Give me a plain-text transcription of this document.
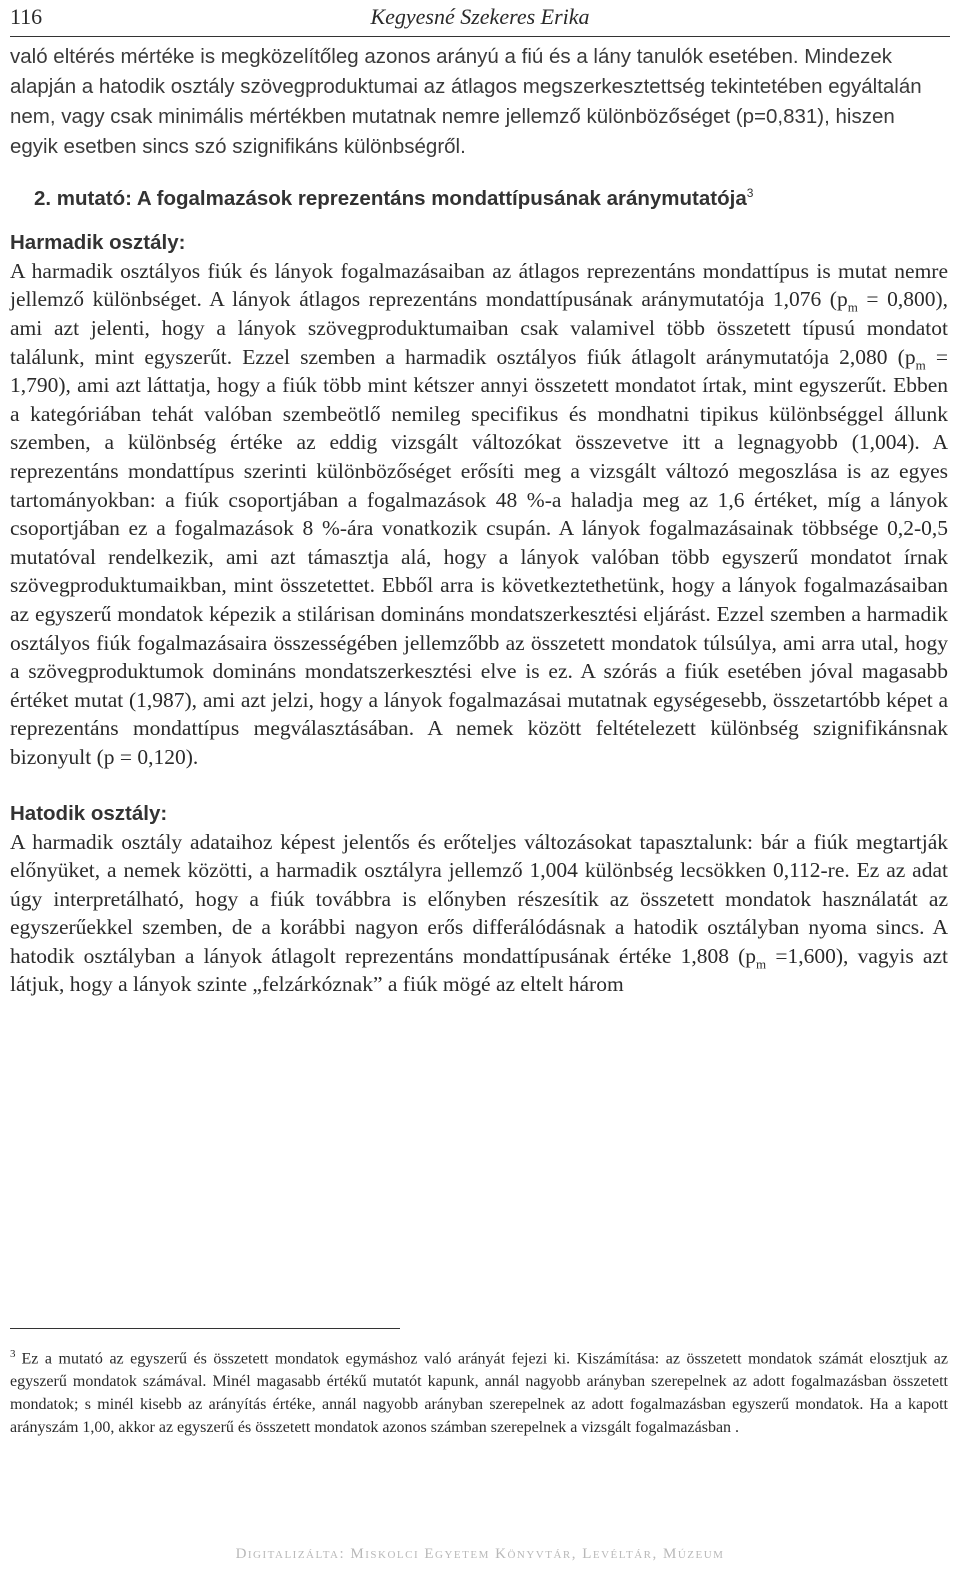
Kegyesné Szekeres Erika
116

való eltérés mértéke is megközelítőleg azonos arányú a fiú és a lány tanulók esetében. Mindezek alapján a hatodik osztály szövegproduktumai az átlagos megszerkesztettség tekintetében egyáltalán nem, vagy csak minimális mértékben mutatnak nemre jellemző különbözőséget (p=0,831), hiszen egyik esetben sincs szó szignifikáns különbségről.

2. mutató: A fogalmazások reprezentáns mondattípusának aránymutatója$^3$
Harmadik osztály:

A harmadik osztályos fiúk és lányok fogalmazásaiban az átlagos reprezentáns mondattípus is mutat nemre jellemző különbséget. A lányok átlagos reprezentáns mondattípusának aránymutatója 1,076 $(p_m = 0,800)$, ami azt jelenti, hogy a lányok szövegproduktumaiban csak valamivel több összetett típusú mondatot találunk, mint egyszerűt. Ezzel szemben a harmadik osztályos fiúk átlagolt aránymutatója 2,080 $(p_m = 1,790)$, ami azt láttatja, hogy a fiúk több mint kétszer annyi összetett mondatot írtak, mint egyszerűt. Ebben a kategóriában tehát valóban szembeötlő nemileg specifikus és mondhatni tipikus különbséggel állunk szemben, a különbség értéke az eddig vizsgált változókat összevetve itt a legnagyobb (1,004). A reprezentáns mondattípus szerinti különbözőséget erősíti meg a vizsgált változó megoszlása is az egyes tartományokban: a fiúk csoportjában a fogalmazások 48 %-a haladja meg az 1,6 értéket, míg a lányok csoportjában ez a fogalmazások 8 %-ára vonatkozik csupán. A lányok fogalmazásainak többsége 0,2-0,5 mutatóval rendelkezik, ami azt támasztja alá, hogy a lányok valóban több egyszerű mondatot írnak szövegproduktumaikban, mint összetettet. Ebből arra is következtethetünk, hogy a lányok fogalmazásaiban az egyszerű mondatok képezik a stilárisan domináns mondatszerkesztési eljárást. Ezzel szemben a harmadik osztályos fiúk fogalmazásaira összességében jellemzőbb az összetett mondatok túlsúlya, ami arra utal, hogy a szövegproduktumok domináns mondatszerkesztési elve is ez. A szórás a fiúk esetében jóval magasabb értéket mutat (1,987), ami azt jelzi, hogy a lányok fogalmazásai mutatnak egységesebb, összetartóbb képet a reprezentáns mondattípus megválasztásában. A nemek között feltételezett különbség szignifikánsnak bizonyult (p = 0,120).

Hatodik osztály:

A harmadik osztály adataihoz képest jelentős és erőteljes változásokat tapasztalunk: bár a fiúk megtartják előnyüket, a nemek közötti, a harmadik osztályra jellemző 1,004 különbség lecsökken 0,112-re. Ez az adat úgy interpretálható, hogy a fiúk továbbra is előnyben részesítik az összetett mondatok használatát az egyszerűekkel szemben, de a korábbi nagyon erős differálódásnak a hatodik osztályban nyoma sincs. A hatodik osztályban a lányok átlagolt reprezentáns mondattípusának értéke 1,808 $(p_m =1,600)$, vagyis azt látjuk, hogy a lányok szinte „felzárkóznak” a fiúk mögé az eltelt három

$^3$ Ez a mutató az egyszerű és összetett mondatok egymáshoz való arányát fejezi ki. Kiszámítása: az összetett mondatok számát elosztjuk az egyszerű mondatok számával. Minél magasabb értékű mutatót kapunk, annál nagyobb arányban szerepelnek az adott fogalmazásban összetett mondatok; s minél kisebb az arányítás értéke, annál nagyobb arányban szerepelnek az adott fogalmazásban egyszerű mondatok. Ha a kapott arányszám 1,00, akkor az egyszerű és összetett mondatok azonos számban szerepelnek a vizsgált fogalmazásban .

Digitalizálta: Miskolci Egyetem Könyvtár, Levéltár, Múzeum
